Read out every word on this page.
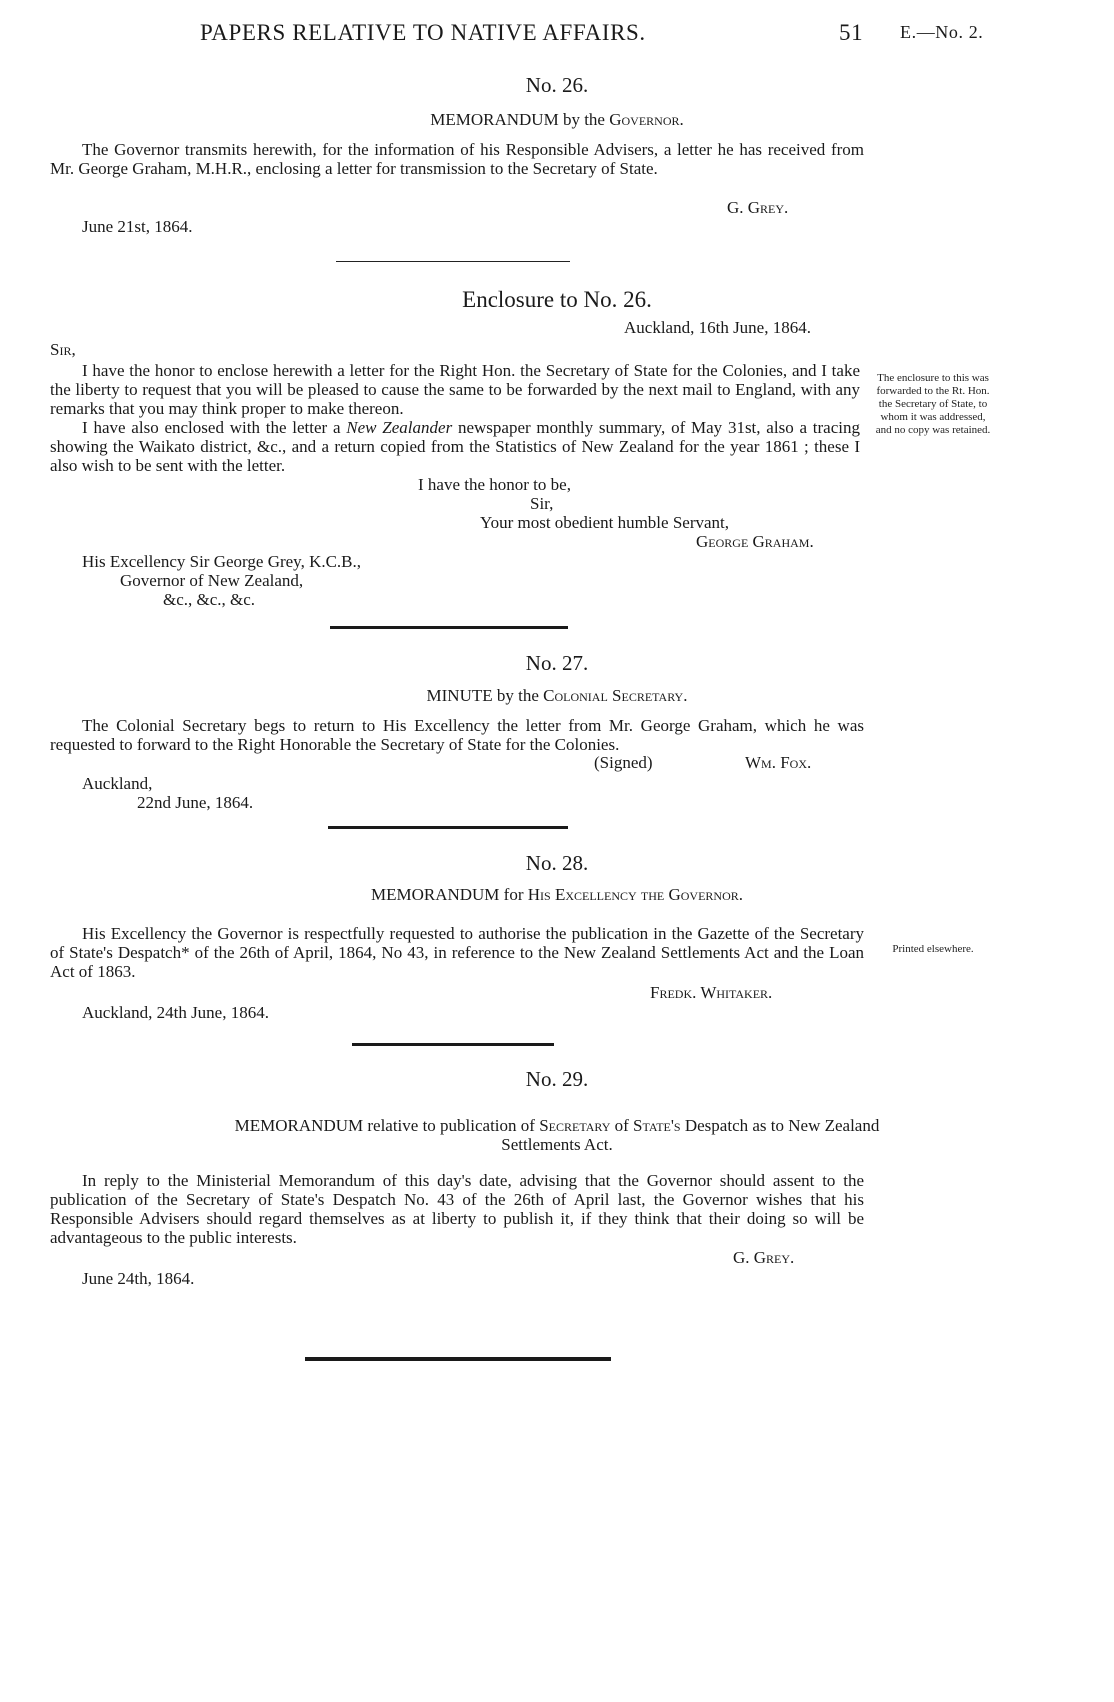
PAPERS RELATIVE TO NATIVE AFFAIRS.	51 E.—No. 2.
No. 26.
MEMORANDUM by the Governor.
The Governor transmits herewith, for the information of his Responsible Advisers, a letter he has received from Mr. George Graham, M.H.R., enclosing a letter for transmission to the Secretary of State.
G. Grey.
June 21st, 1864.
Enclosure to No. 26.
Auckland, 16th June, 1864.
Sir,
I have the honor to enclose herewith a letter for the Right Hon. the Secretary of State for the Colonies, and I take the liberty to request that you will be pleased to cause the same to be forwarded by the next mail to England, with any remarks that you may think proper to make thereon.
I have also enclosed with the letter a New Zealander newspaper monthly summary, of May 31st, also a tracing showing the Waikato district, &c., and a return copied from the Statistics of New Zealand for the year 1861 ; these I also wish to be sent with the letter.
I have the honor to be,
Sir,
Your most obedient humble Servant,
George Graham.
His Excellency Sir George Grey, K.C.B.,
Governor of New Zealand,
&c., &c., &c.
The enclosure to this was forwarded to the Rt. Hon. the Secretary of State, to whom it was addressed, and no copy was retained.
No. 27.
MINUTE by the Colonial Secretary.
The Colonial Secretary begs to return to His Excellency the letter from Mr. George Graham, which he was requested to forward to the Right Honorable the Secretary of State for the Colonies.
(Signed)	Wm. Fox.
Auckland,
22nd June, 1864.
No. 28.
MEMORANDUM for His Excellency the Governor.
His Excellency the Governor is respectfully requested to authorise the publication in the Gazette of the Secretary of State's Despatch* of the 26th of April, 1864, No 43, in reference to the New Zealand Settlements Act and the Loan Act of 1863.
Fredk. Whitaker.
Auckland, 24th June, 1864.
Printed elsewhere.
No. 29.
MEMORANDUM relative to publication of Secretary of State's Despatch as to New Zealand
Settlements Act.
In reply to the Ministerial Memorandum of this day's date, advising that the Governor should assent to the publication of the Secretary of State's Despatch No. 43 of the 26th of April last, the Governor wishes that his Responsible Advisers should regard themselves as at liberty to publish it, if they think that their doing so will be advantageous to the public interests.
G. Grey.
June 24th, 1864.
